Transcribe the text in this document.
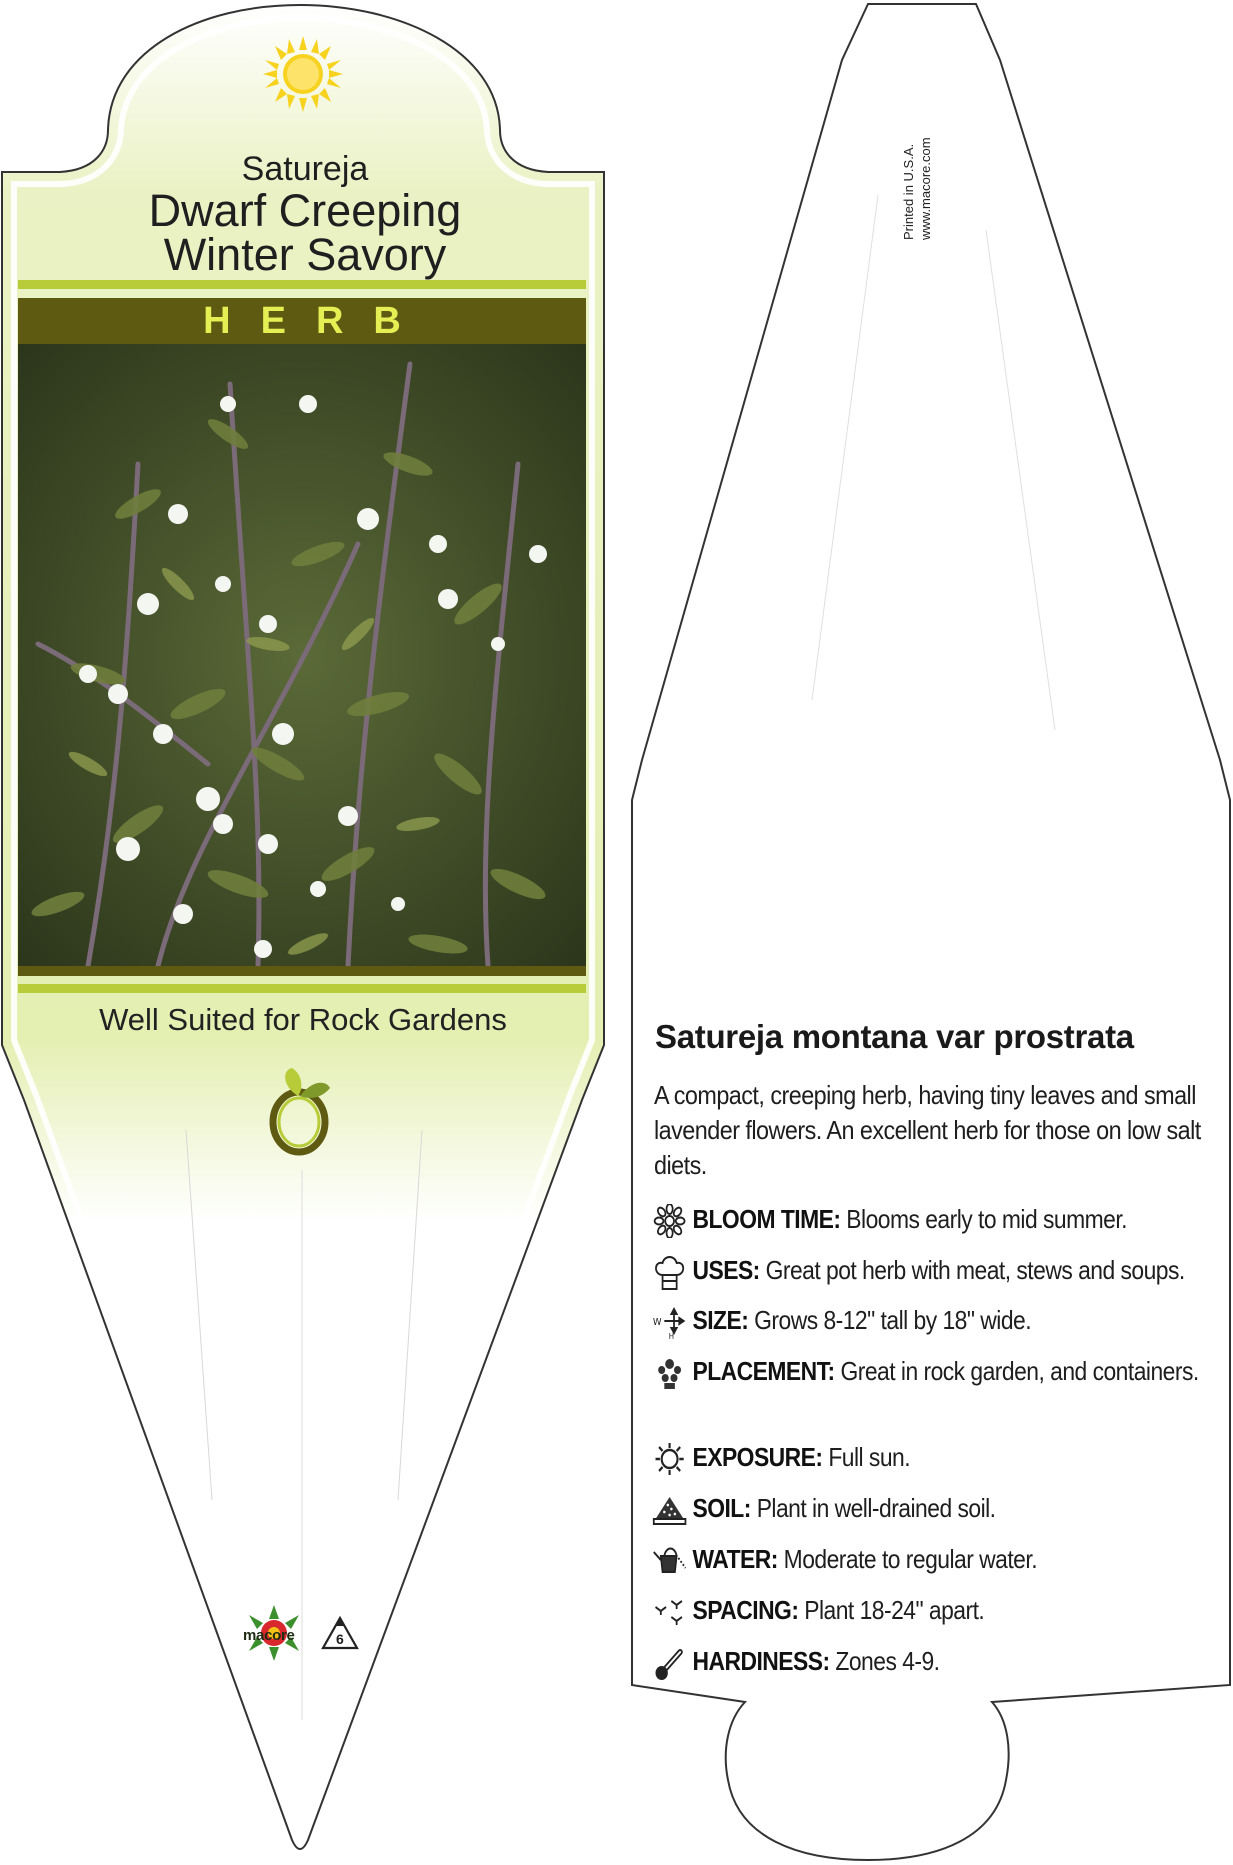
Satureja
Dwarf Creeping
Winter Savory
HERB
Well Suited for Rock Gardens
macore	6
Printed in U.S.A. www.macore.com
Satureja montana var prostrata
A compact, creeping herb, having tiny leaves and small lavender flowers. An excellent herb for those on low salt diets.
BLOOM TIME: Blooms early to mid summer.
USES: Great pot herb with meat, stews and soups.
W
H
SIZE: Grows 8-12" tall by 18" wide.
PLACEMENT: Great in rock garden, and containers.
EXPOSURE: Full sun.
SOIL: Plant in well-drained soil.
WATER: Moderate to regular water.
SPACING: Plant 18-24" apart.
HARDINESS: Zones 4-9.
